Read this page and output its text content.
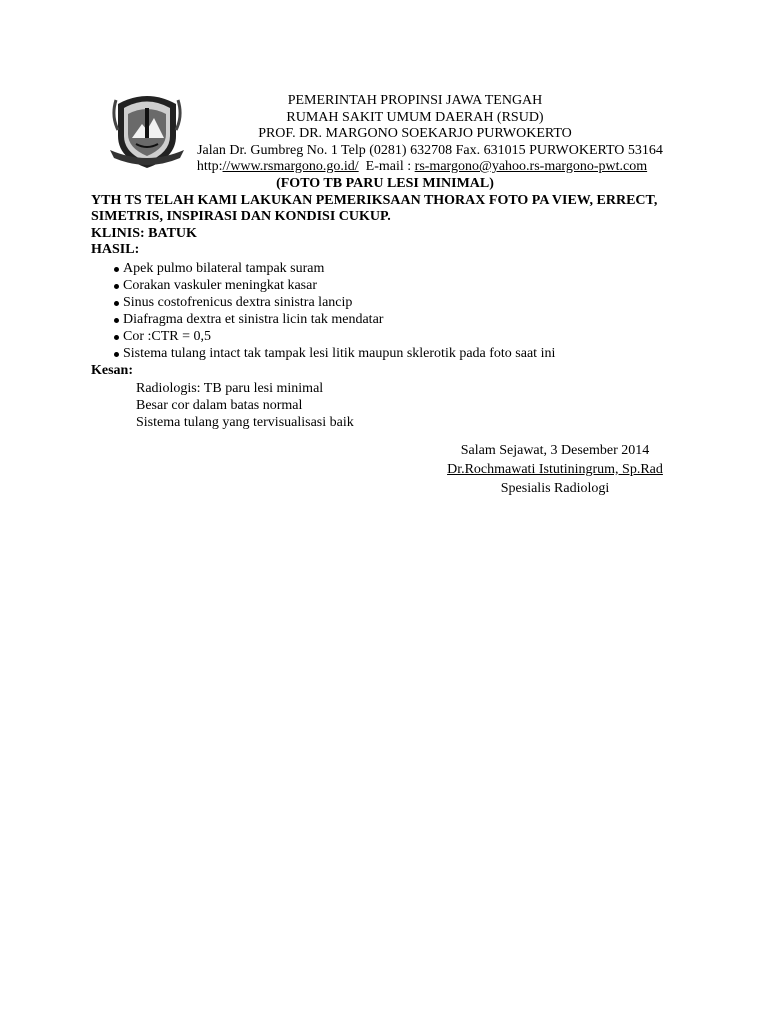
PEMERINTAH PROPINSI JAWA TENGAH
RUMAH SAKIT UMUM DAERAH (RSUD)
PROF. DR. MARGONO SOEKARJO PURWOKERTO
Jalan Dr. Gumbreg No. 1 Telp (0281) 632708 Fax. 631015 PURWOKERTO 53164
http://www.rsmargono.go.id/ E-mail : rs-margono@yahoo.rs-margono-pwt.com
(FOTO TB PARU LESI MINIMAL)
YTH TS TELAH KAMI LAKUKAN PEMERIKSAAN THORAX FOTO PA VIEW, ERRECT,
SIMETRIS, INSPIRASI DAN KONDISI CUKUP.
KLINIS: BATUK
HASIL:
Apek pulmo bilateral tampak suram
Corakan vaskuler meningkat kasar
Sinus costofrenicus dextra sinistra lancip
Diafragma dextra et sinistra licin tak mendatar
Cor :CTR = 0,5
Sistema tulang intact tak tampak lesi litik maupun sklerotik pada foto saat ini
Kesan:
Radiologis: TB paru lesi minimal
Besar cor dalam batas normal
Sistema tulang yang tervisualisasi baik
Salam Sejawat, 3 Desember 2014
Dr.Rochmawati Istutiningrum, Sp.Rad
Spesialis Radiologi
